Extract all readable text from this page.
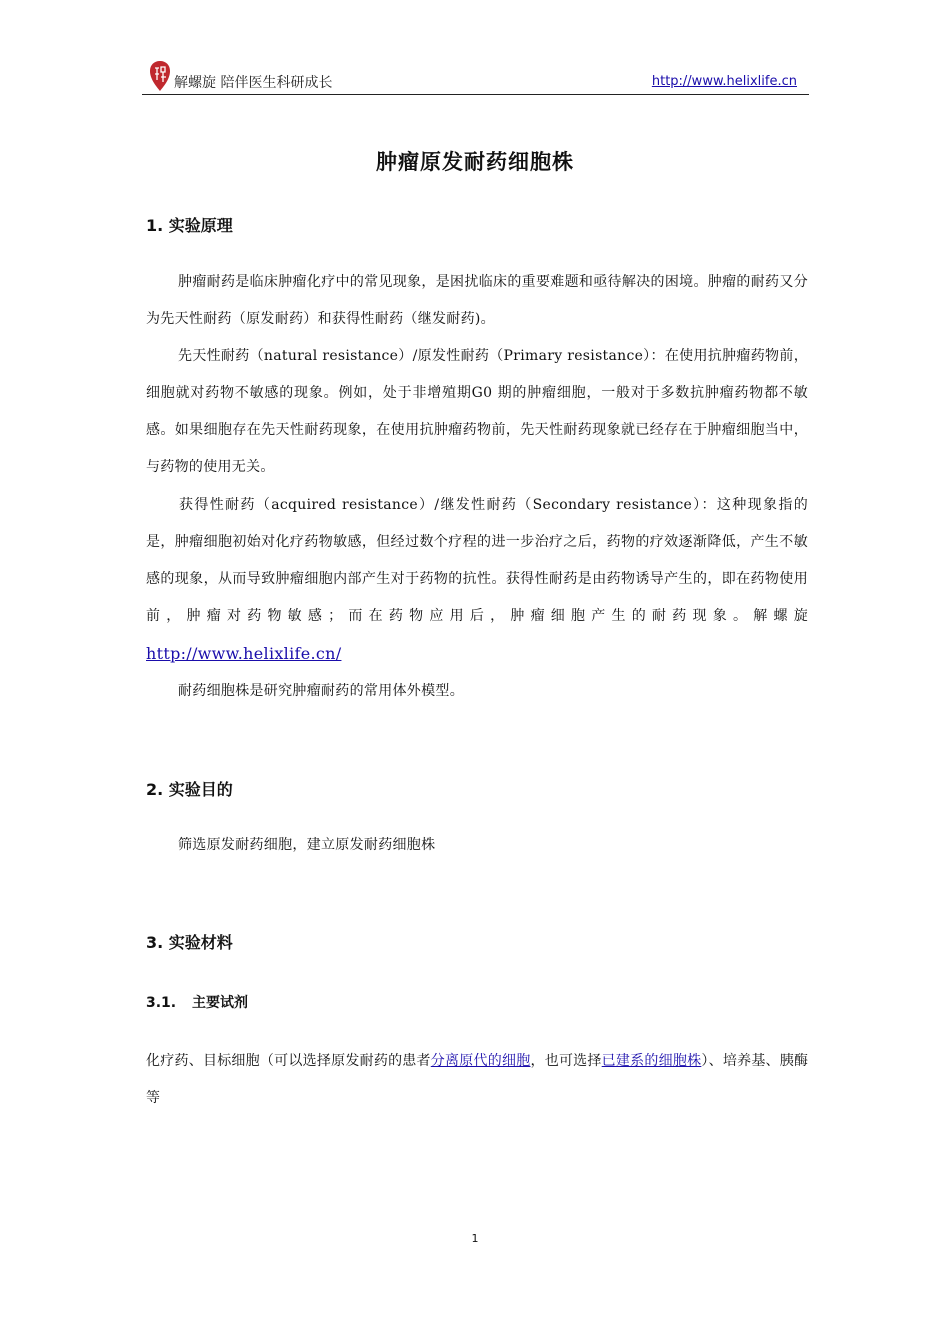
解螺旋 陪伴医生科研成长	http://www.helixlife.cn
肿瘤原发耐药细胞株
1. 实验原理
肿瘤耐药是临床肿瘤化疗中的常见现象，是困扰临床的重要难题和亟待解决的困境。肿瘤的耐药又分为先天性耐药（原发耐药）和获得性耐药（继发耐药)。
先天性耐药（natural resistance）/原发性耐药（Primary resistance）：在使用抗肿瘤药物前，细胞就对药物不敏感的现象。例如，处于非增殖期G0 期的肿瘤细胞，一般对于多数抗肿瘤药物都不敏感。如果细胞存在先天性耐药现象，在使用抗肿瘤药物前，先天性耐药现象就已经存在于肿瘤细胞当中，与药物的使用无关。
获得性耐药（acquired resistance）/继发性耐药（Secondary resistance）：这种现象指的是，肿瘤细胞初始对化疗药物敏感，但经过数个疗程的进一步治疗之后，药物的疗效逐渐降低，产生不敏感的现象，从而导致肿瘤细胞内部产生对于药物的抗性。获得性耐药是由药物诱导产生的，即在药物使用前，肿瘤对药物敏感；而在药物应用后，肿瘤细胞产生的耐药现象。解螺旋 http://www.helixlife.cn/
耐药细胞株是研究肿瘤耐药的常用体外模型。
2. 实验目的
筛选原发耐药细胞，建立原发耐药细胞株
3. 实验材料
3.1. 主要试剂
化疗药、目标细胞（可以选择原发耐药的患者分离原代的细胞，也可选择已建系的细胞株）、培养基、胰酶等
1
